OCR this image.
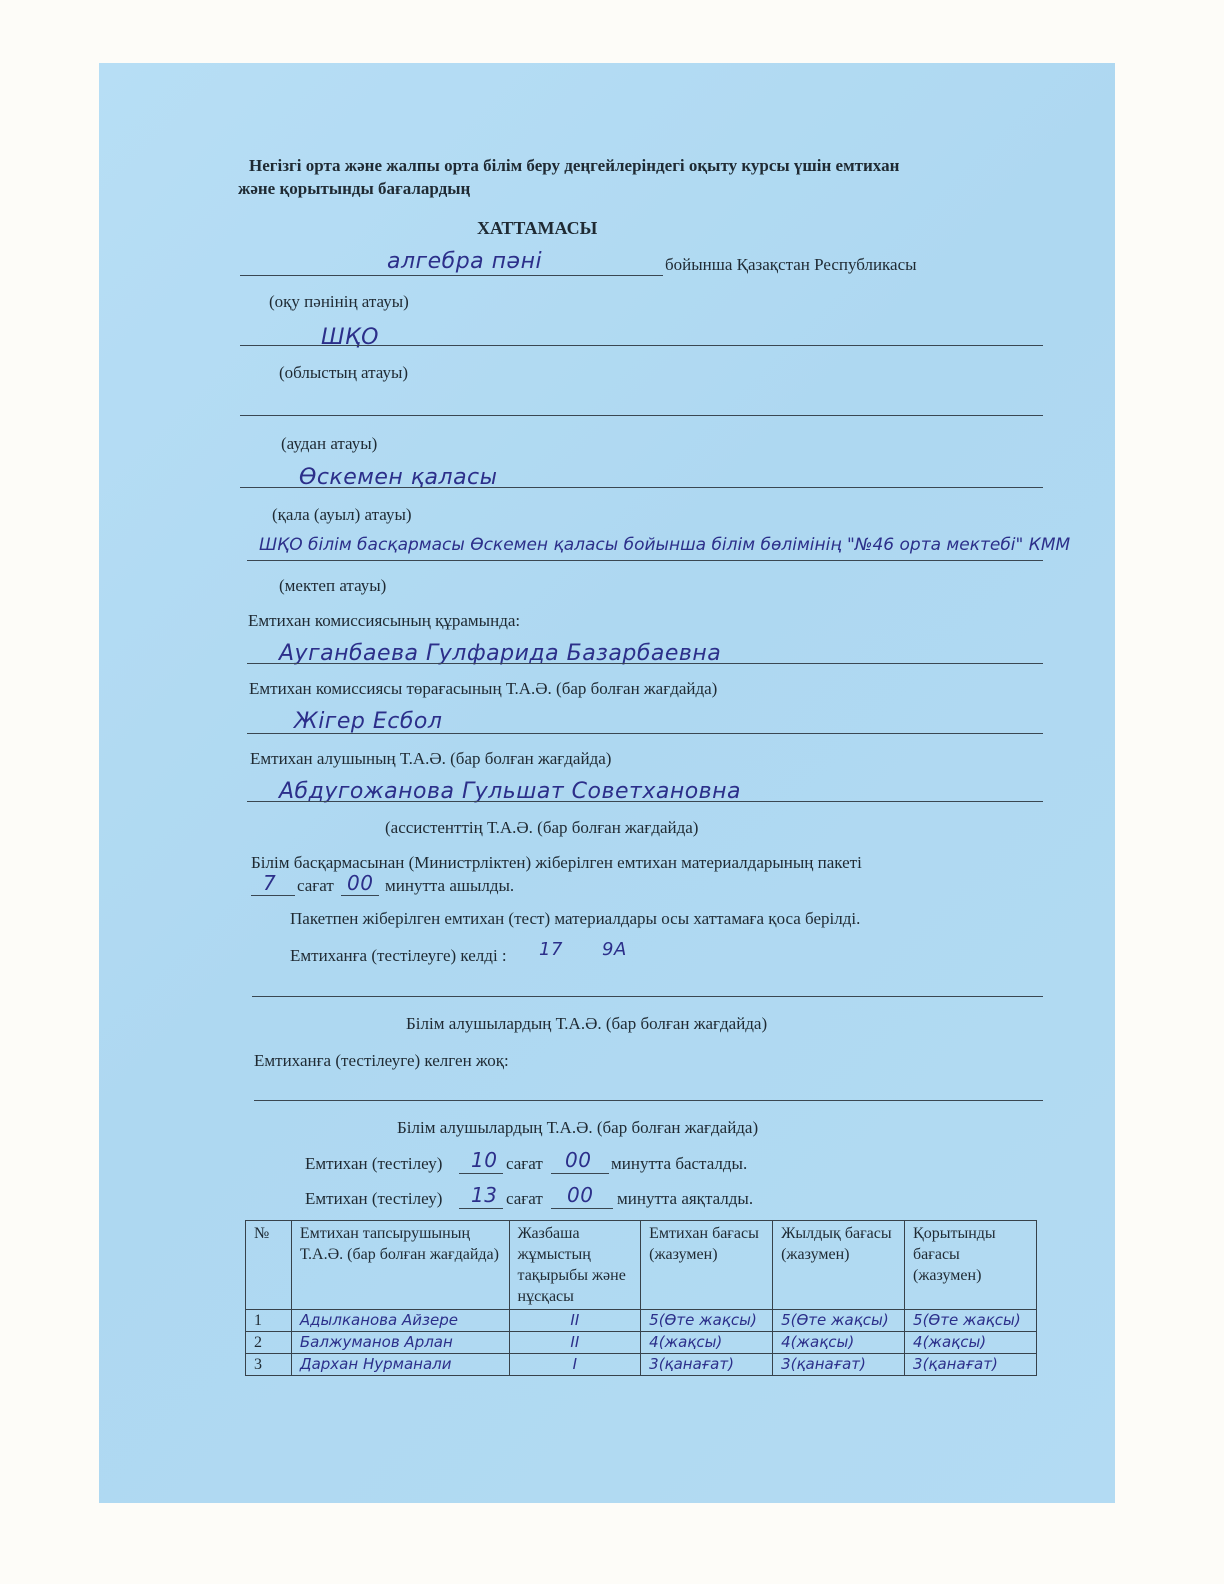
Негізгі орта және жалпы орта білім беру деңгейлеріндегі оқыту курсы үшін емтихан
және қорытынды бағалардың
ХАТТАМАСЫ
алгебра пәні	бойынша Қазақстан Республикасы
(оқу пәнінің атауы)
ШҚО
(облыстың атауы)
(аудан атауы)
Өскемен қаласы
(қала (ауыл) атауы)
ШҚО білім басқармасы Өскемен қаласы бойынша білім бөлімінің "№46 орта мектебі" КММ
(мектеп атауы)
Емтихан комиссиясының құрамында:
Ауганбаева Гулфарида Базарбаевна
Емтихан комиссиясы төрағасының Т.А.Ә. (бар болған жағдайда)
Жігер Есбол
Емтихан алушының Т.А.Ә. (бар болған жағдайда)
Абдугожанова Гульшат Советхановна
(ассистенттің Т.А.Ә. (бар болған жағдайда)
Білім басқармасынан (Министрліктен) жіберілген емтихан материалдарының пакеті
7 сағат 00 минутта ашылды.
Пакетпен жіберілген емтихан (тест) материалдары осы хаттамаға қоса берілді.
Емтиханға (тестілеуге) келді : 17 9А
Білім алушылардың Т.А.Ә. (бар болған жағдайда)
Емтиханға (тестілеуге) келген жоқ:
Білім алушылардың Т.А.Ә. (бар болған жағдайда)
Емтихан (тестілеу) 10 сағат 00 минутта басталды.
Емтихан (тестілеу) 13 сағат 00 минутта аяқталды.
№	Емтихан тапсырушының Т.А.Ә. (бар болған жағдайда)	Жазбаша жұмыстың тақырыбы және нұсқасы	Емтихан бағасы (жазумен)	Жылдық бағасы (жазумен)	Қорытынды бағасы (жазумен)
1	Адылканова Айзере	II	5(Өте жақсы)	5(Өте жақсы)	5(Өте жақсы)
2	Балжуманов Арлан	II	4(жақсы)	4(жақсы)	4(жақсы)
3	Дархан Нурманали	I	3(қанағат)	3(қанағат)	3(қанағат)
